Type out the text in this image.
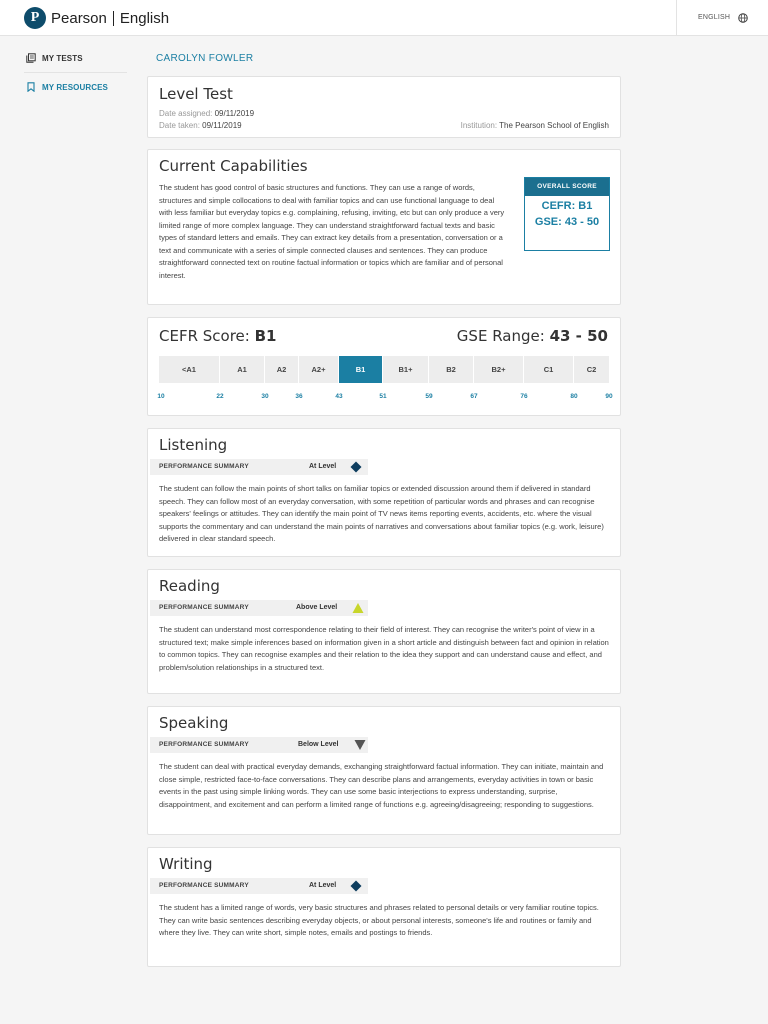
P Pearson English	ENGLISH
MY TESTS
MY RESOURCES
CAROLYN FOWLER
Level Test
Date assigned: 09/11/2019
Date taken: 09/11/2019	Institution: The Pearson School of English
Current Capabilities

The student has good control of basic structures and functions. They can use a range of words, structures and simple collocations to deal with familiar topics and can use functional language to deal with less familiar but everyday topics e.g. complaining, refusing, inviting, etc but can only produce a very limited range of more complex language. They can understand straightforward factual texts and basic types of standard letters and emails. They can extract key details from a presentation, conversation or a text and communicate with a series of simple connected clauses and sentences. They can produce straightforward connected text on routine factual information or topics which are familiar and of personal interest.

OVERALL SCORE
CEFR: B1
GSE: 43 - 50
CEFR Score: B1	GSE Range: 43 - 50
<A1	A1	A2	A2+	B1	B1+	B2	B2+	C1	C2
10	22	30	36	43	51	59	67	76	80	90
Listening
PERFORMANCE SUMMARY	At Level

The student can follow the main points of short talks on familiar topics or extended discussion around them if delivered in standard speech. They can follow most of an everyday conversation, with some repetition of particular words and phrases and can recognise speakers' feelings or attitudes. They can identify the main point of TV news items reporting events, accidents, etc. where the visual supports the commentary and can understand the main points of narratives and conversations about familiar topics (e.g. work, leisure) delivered in clear standard speech.

Reading
PERFORMANCE SUMMARY	Above Level

The student can understand most correspondence relating to their field of interest. They can recognise the writer's point of view in a structured text; make simple inferences based on information given in a short article and distinguish between fact and opinion in relation to common topics. They can recognise examples and their relation to the idea they support and can understand cause and effect, and problem/solution relationships in a structured text.

Speaking
PERFORMANCE SUMMARY	Below Level

The student can deal with practical everyday demands, exchanging straightforward factual information. They can initiate, maintain and close simple, restricted face-to-face conversations. They can describe plans and arrangements, everyday activities in town or basic events in the past using simple linking words. They can use some basic interjections to express understanding, surprise, disappointment, and excitement and can perform a limited range of functions e.g. agreeing/disagreeing; responding to suggestions.

Writing
PERFORMANCE SUMMARY	At Level

The student has a limited range of words, very basic structures and phrases related to personal details or very familiar routine topics. They can write basic sentences describing everyday objects, or about personal interests, someone's life and routines or family and where they live. They can write short, simple notes, emails and postings to friends.
